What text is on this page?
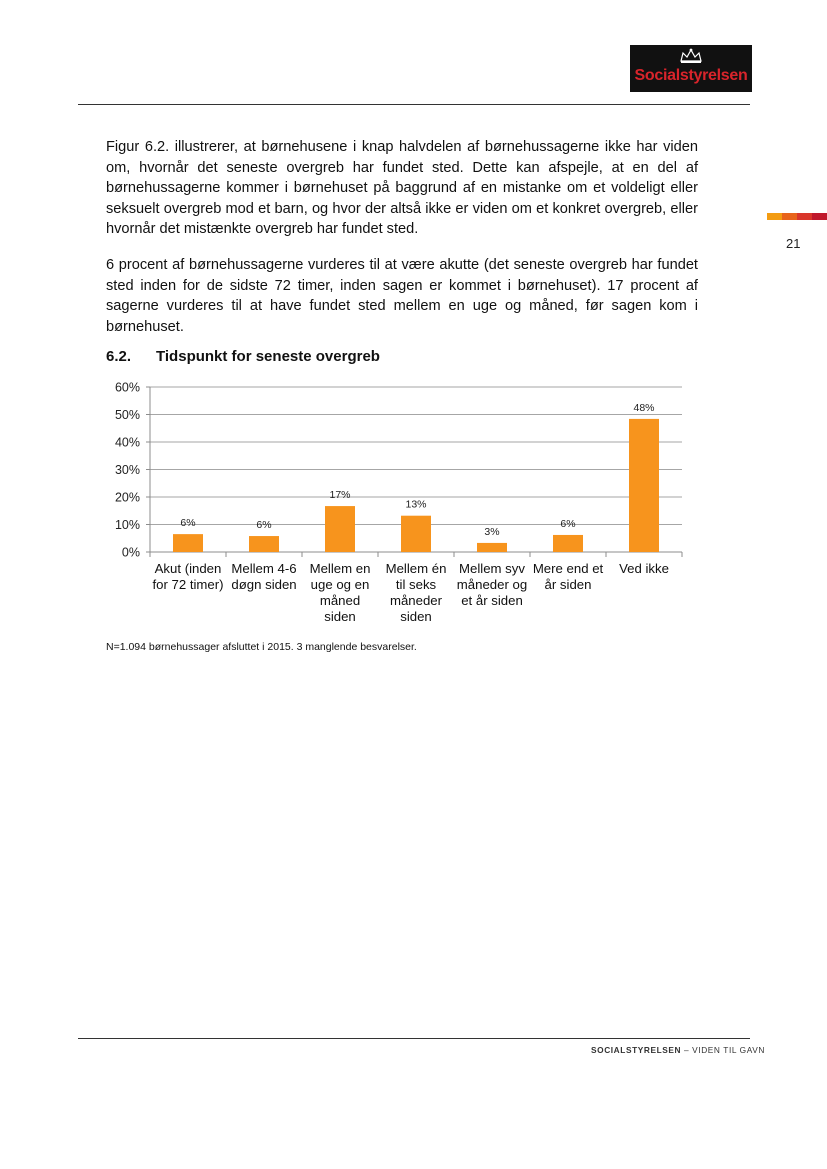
Socialstyrelsen
21

Figur 6.2. illustrerer, at børnehusene i knap halvdelen af børnehussagerne ikke har viden om, hvornår det seneste overgreb har fundet sted. Dette kan afspejle, at en del af børnehussagerne kommer i børnehuset på baggrund af en mistanke om et voldeligt eller seksuelt overgreb mod et barn, og hvor der altså ikke er viden om et konkret overgreb, eller hvornår det mistænkte overgreb har fundet sted.

6 procent af børnehussagerne vurderes til at være akutte (det seneste overgreb har fundet sted inden for de sidste 72 timer, inden sagen er kommet i børnehuset). 17 procent af sagerne vurderes til at have fundet sted mellem en uge og måned, før sagen kom i børnehuset.

6.2. Tidspunkt for seneste overgreb
0%
10%
20%
30%
40%
50%
60%
6%
Akut (inden for 72 timer)
6%
Mellem 4-6 døgn siden
17%
Mellem en uge og en måned siden
13%
Mellem én til seks måneder siden
3%
Mellem syv måneder og et år siden
6%
Mere end et år siden
48%
Ved ikke
N=1.094 børnehussager afsluttet i 2015. 3 manglende besvarelser.
SOCIALSTYRELSEN – VIDEN TIL GAVN
